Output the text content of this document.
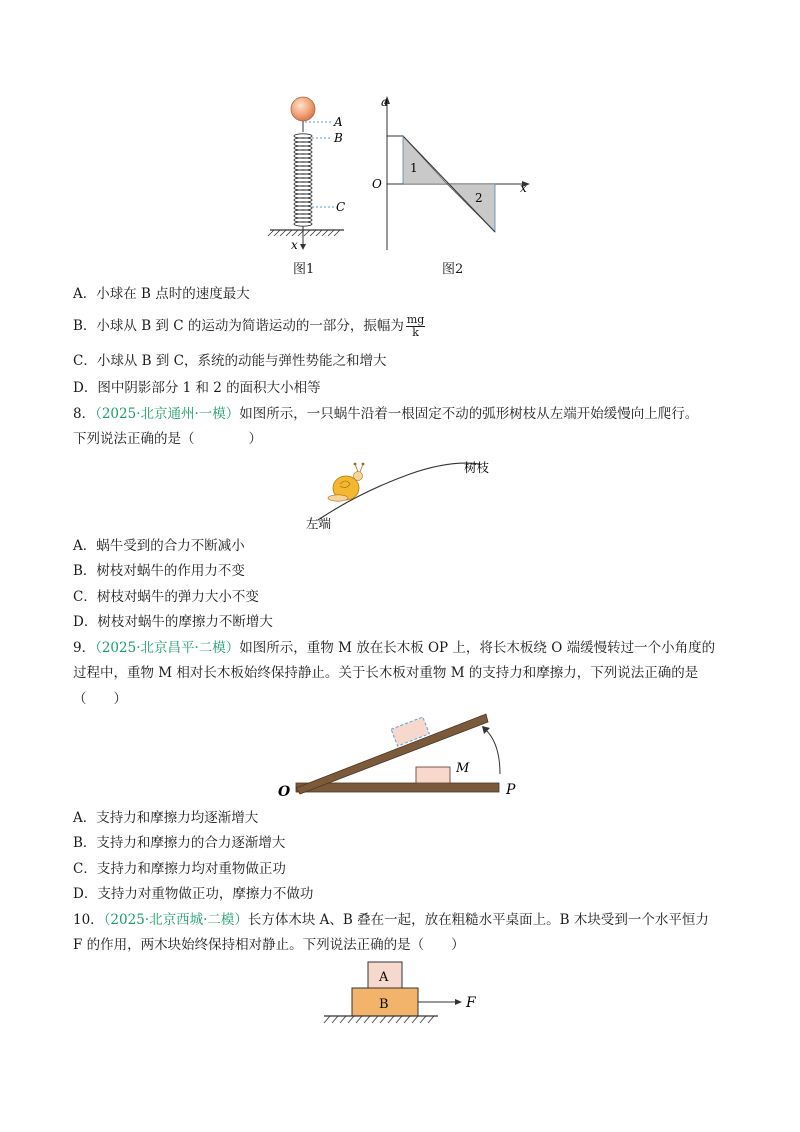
A
B
C
x
图1
a
O	x
1
2
图2
A．小球在 B 点时的速度最大
B．小球从 B 到 C 的运动为简谐运动的一部分，振幅为 $\frac{mg}{k}$
C．小球从 B 到 C，系统的动能与弹性势能之和增大
D．图中阴影部分 1 和 2 的面积大小相等
8．（2025·北京通州·一模）如图所示，一只蜗牛沿着一根固定不动的弧形树枝从左端开始缓慢向上爬行。
下列说法正确的是（　　　　）
树枝
左端
A．蜗牛受到的合力不断减小
B．树枝对蜗牛的作用力不变
C．树枝对蜗牛的弹力大小不变
D．树枝对蜗牛的摩擦力不断增大
9．（2025·北京昌平·二模）如图所示，重物 M 放在长木板 OP 上，将长木板绕 O 端缓慢转过一个小角度的
过程中，重物 M 相对长木板始终保持静止。关于长木板对重物 M 的支持力和摩擦力，下列说法正确的是
（　　）
O	P
M
A．支持力和摩擦力均逐渐增大
B．支持力和摩擦力的合力逐渐增大
C．支持力和摩擦力均对重物做正功
D．支持力对重物做正功，摩擦力不做功
10．（2025·北京西城·二模）长方体木块 A、B 叠在一起，放在粗糙水平桌面上。B 木块受到一个水平恒力
F 的作用，两木块始终保持相对静止。下列说法正确的是（　　）
A
B	F
